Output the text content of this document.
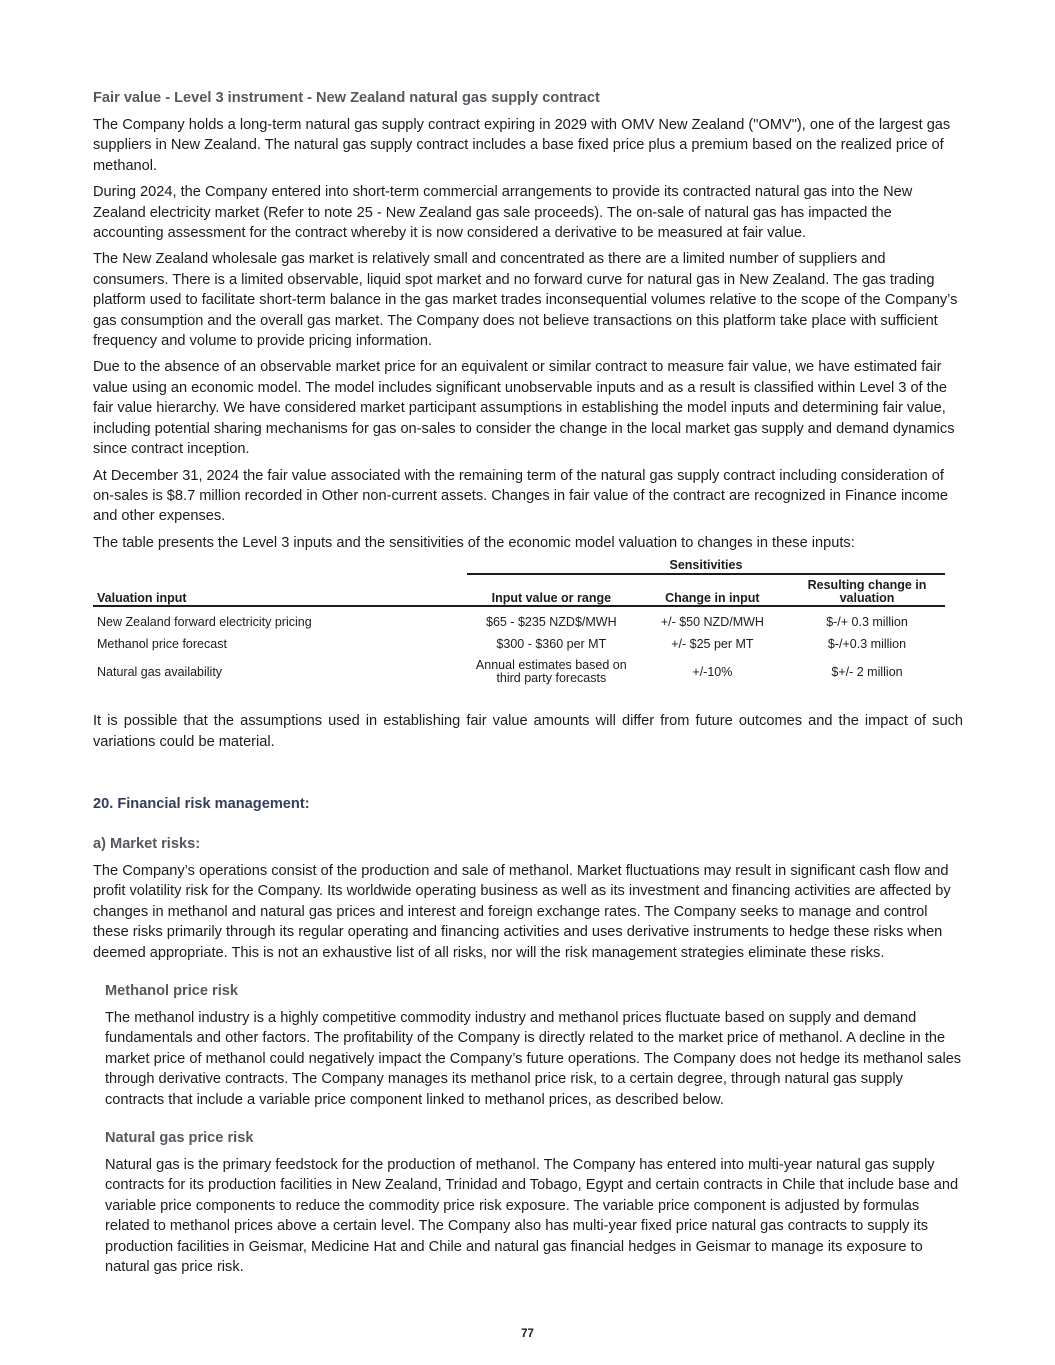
Fair value - Level 3 instrument - New Zealand natural gas supply contract

The Company holds a long-term natural gas supply contract expiring in 2029 with OMV New Zealand ("OMV"), one of the largest gas suppliers in New Zealand. The natural gas supply contract includes a base fixed price plus a premium based on the realized price of methanol.

During 2024, the Company entered into short-term commercial arrangements to provide its contracted natural gas into the New Zealand electricity market (Refer to note 25 - New Zealand gas sale proceeds). The on-sale of natural gas has impacted the accounting assessment for the contract whereby it is now considered a derivative to be measured at fair value.

The New Zealand wholesale gas market is relatively small and concentrated as there are a limited number of suppliers and consumers. There is a limited observable, liquid spot market and no forward curve for natural gas in New Zealand. The gas trading platform used to facilitate short-term balance in the gas market trades inconsequential volumes relative to the scope of the Company’s gas consumption and the overall gas market. The Company does not believe transactions on this platform take place with sufficient frequency and volume to provide pricing information.

Due to the absence of an observable market price for an equivalent or similar contract to measure fair value, we have estimated fair value using an economic model. The model includes significant unobservable inputs and as a result is classified within Level 3 of the fair value hierarchy. We have considered market participant assumptions in establishing the model inputs and determining fair value, including potential sharing mechanisms for gas on-sales to consider the change in the local market gas supply and demand dynamics since contract inception.

At December 31, 2024 the fair value associated with the remaining term of the natural gas supply contract including consideration of on-sales is $8.7 million recorded in Other non-current assets. Changes in fair value of the contract are recognized in Finance income and other expenses.

The table presents the Level 3 inputs and the sensitivities of the economic model valuation to changes in these inputs:

	Sensitivities		
Valuation input	Input value or range	Change in input	Resulting change in
valuation
New Zealand forward electricity pricing	$65 - $235 NZD$/MWH	+/- $50 NZD/MWH	$-/+ 0.3 million
Methanol price forecast	$300 - $360 per MT	+/- $25 per MT	$-/+0.3 million
Natural gas availability	Annual estimates based on
third party forecasts	+/-10%	$+/- 2 million

It is possible that the assumptions used in establishing fair value amounts will differ from future outcomes and the impact of such variations could be material.

20. Financial risk management:
a) Market risks:

The Company’s operations consist of the production and sale of methanol. Market fluctuations may result in significant cash flow and profit volatility risk for the Company. Its worldwide operating business as well as its investment and financing activities are affected by changes in methanol and natural gas prices and interest and foreign exchange rates. The Company seeks to manage and control these risks primarily through its regular operating and financing activities and uses derivative instruments to hedge these risks when deemed appropriate. This is not an exhaustive list of all risks, nor will the risk management strategies eliminate these risks.

Methanol price risk

The methanol industry is a highly competitive commodity industry and methanol prices fluctuate based on supply and demand fundamentals and other factors. The profitability of the Company is directly related to the market price of methanol. A decline in the market price of methanol could negatively impact the Company’s future operations. The Company does not hedge its methanol sales through derivative contracts. The Company manages its methanol price risk, to a certain degree, through natural gas supply contracts that include a variable price component linked to methanol prices, as described below.

Natural gas price risk

Natural gas is the primary feedstock for the production of methanol. The Company has entered into multi-year natural gas supply contracts for its production facilities in New Zealand, Trinidad and Tobago, Egypt and certain contracts in Chile that include base and variable price components to reduce the commodity price risk exposure. The variable price component is adjusted by formulas related to methanol prices above a certain level. The Company also has multi-year fixed price natural gas contracts to supply its production facilities in Geismar, Medicine Hat and Chile and natural gas financial hedges in Geismar to manage its exposure to natural gas price risk.

77
